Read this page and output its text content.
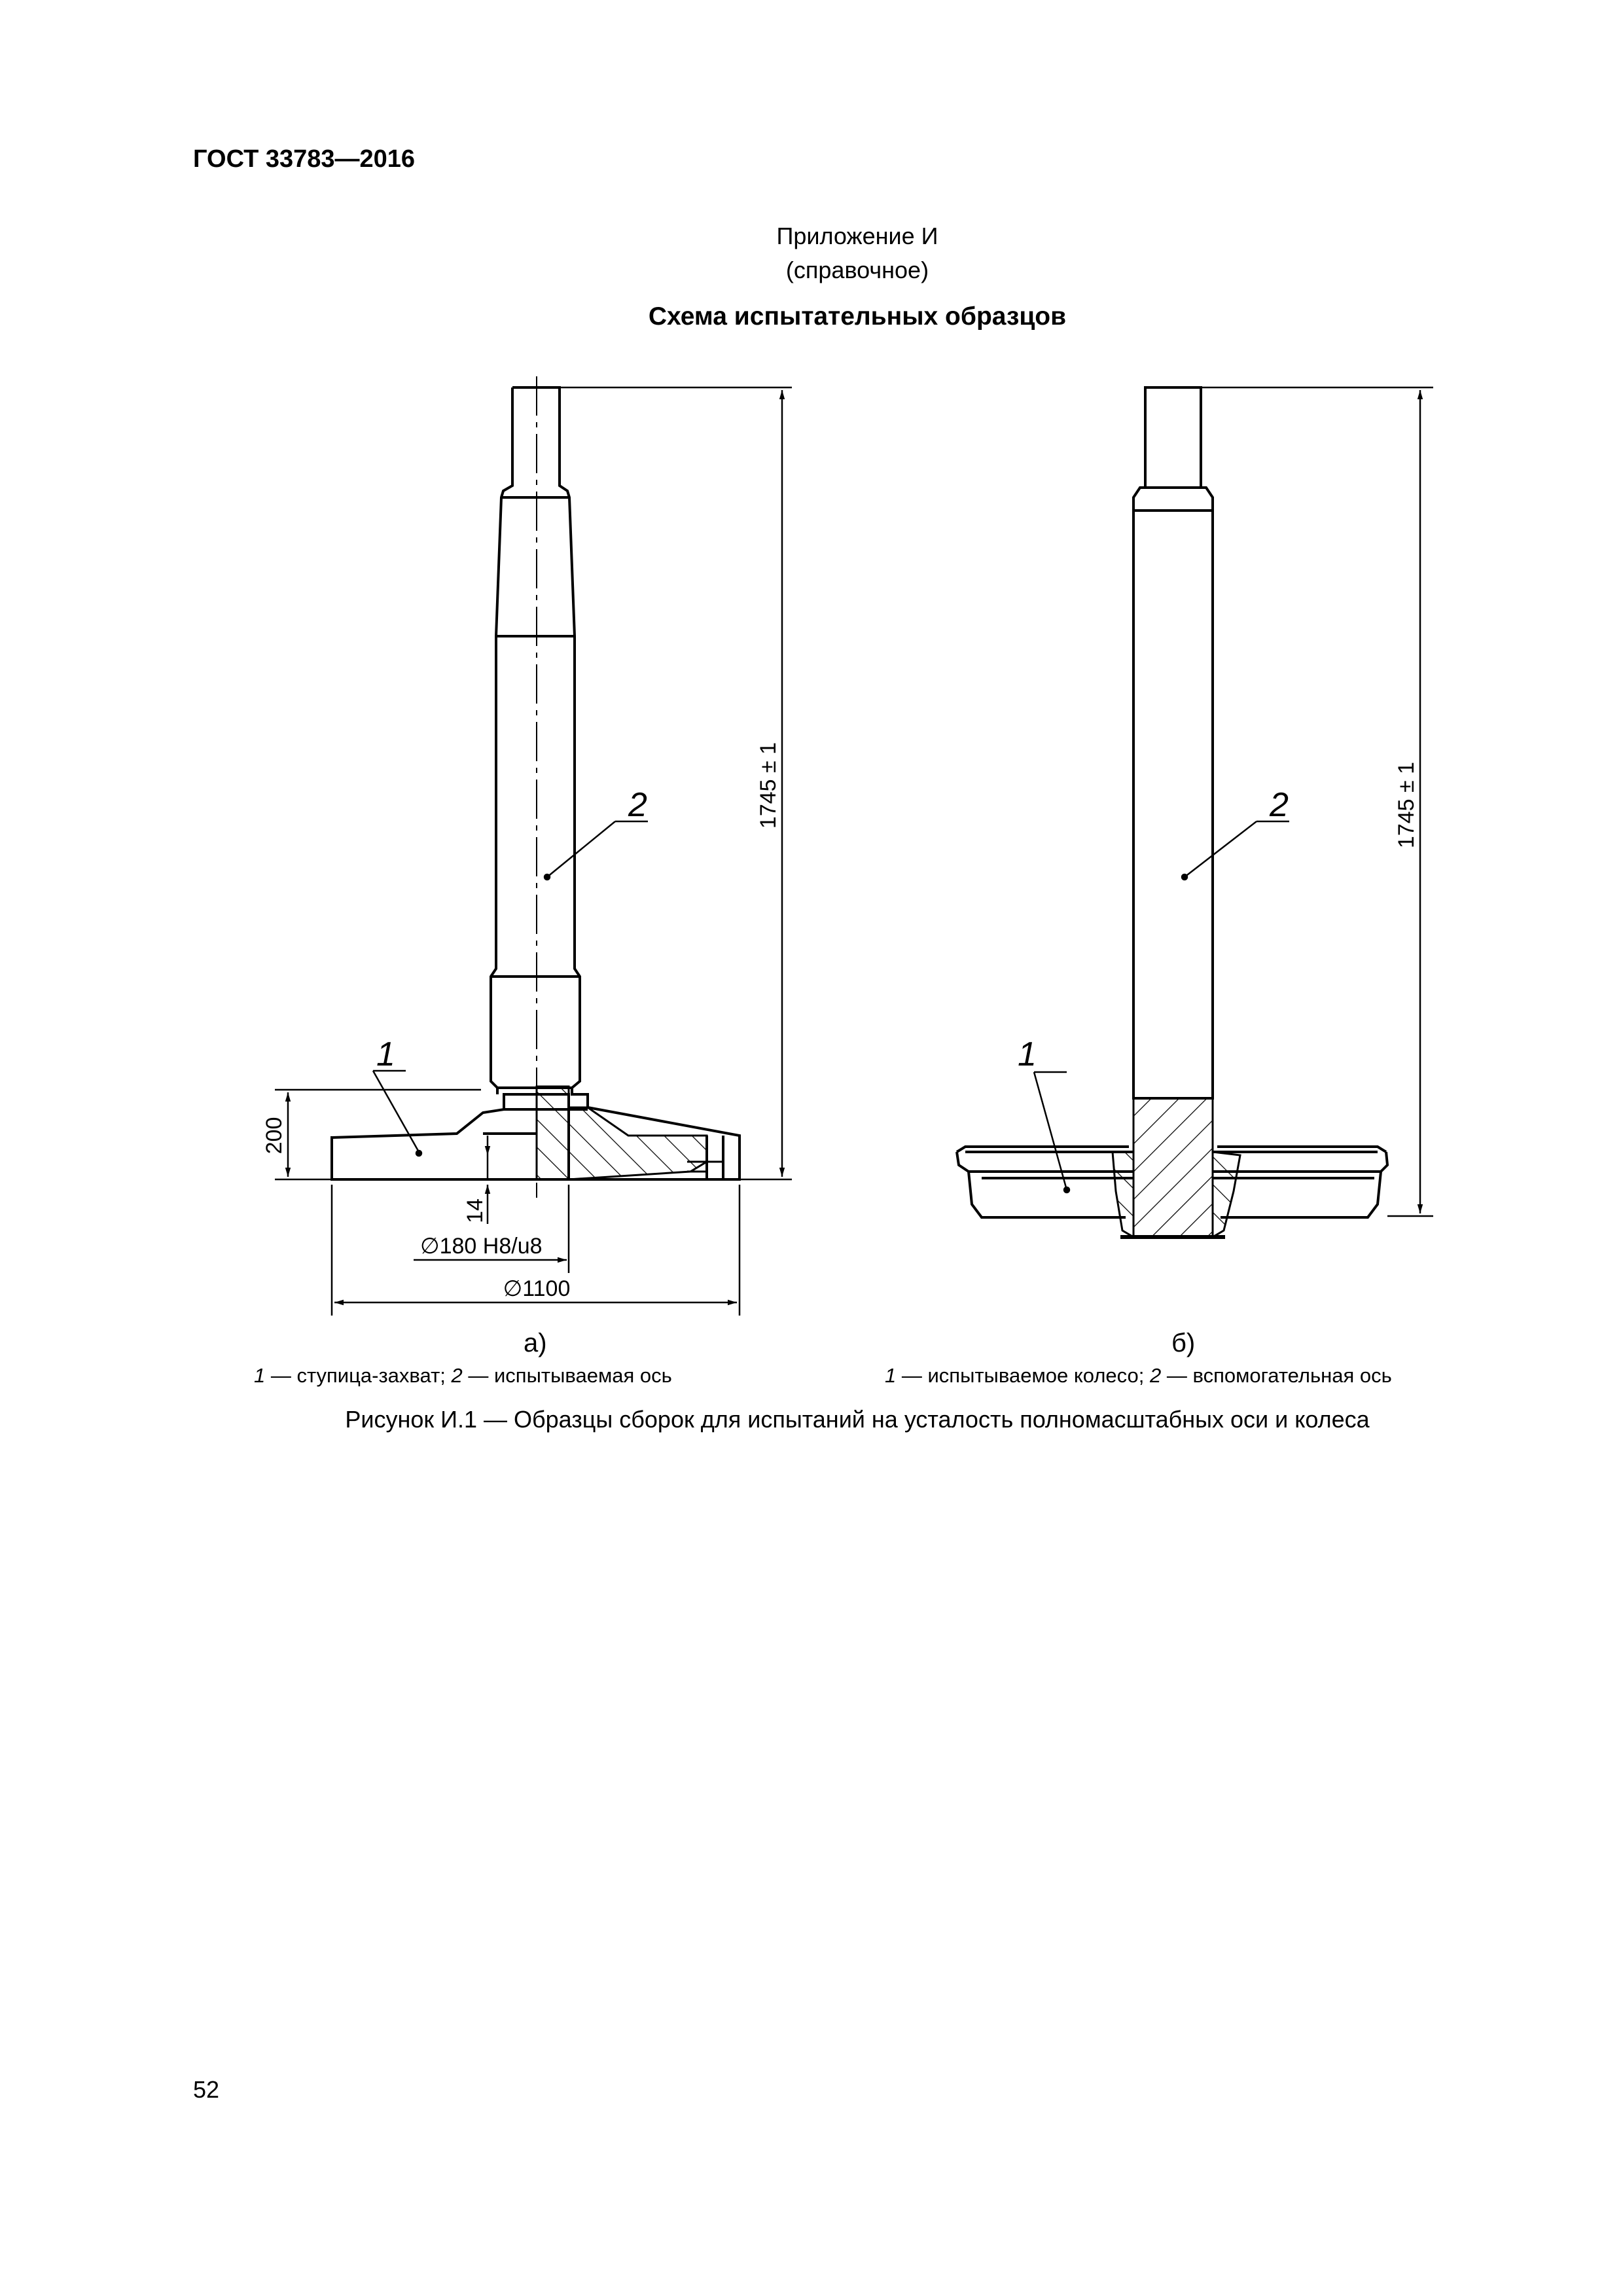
ГОСТ 33783—2016
Приложение И
(справочное)
Схема испытательных образцов
1745 ± 1
200
14
∅180 H8/u8
∅1100
1
2	1745 ± 1
1
2
а)	б)
1 — ступица-захват; 2 — испытываемая ось	1 — испытываемое колесо; 2 — вспомогательная ось
Рисунок И.1 — Образцы сборок для испытаний на усталость полномасштабных оси и колеса
52
